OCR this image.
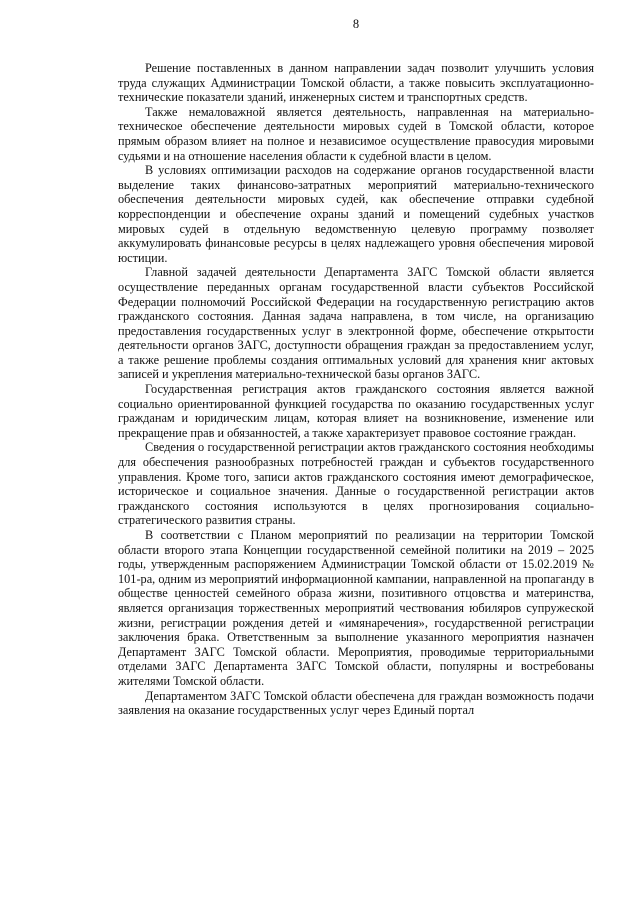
8

Решение поставленных в данном направлении задач позволит улучшить условия труда служащих Администрации Томской области, а также повысить эксплуатационно-технические показатели зданий, инженерных систем и транспортных средств.

Также немаловажной является деятельность, направленная на материально-техническое обеспечение деятельности мировых судей в Томской области, которое прямым образом влияет на полное и независимое осуществление правосудия мировыми судьями и на отношение населения области к судебной власти в целом.

В условиях оптимизации расходов на содержание органов государственной власти выделение таких финансово-затратных мероприятий материально-технического обеспечения деятельности мировых судей, как обеспечение отправки судебной корреспонденции и обеспечение охраны зданий и помещений судебных участков мировых судей в отдельную ведомственную целевую программу позволяет аккумулировать финансовые ресурсы в целях надлежащего уровня обеспечения мировой юстиции.

Главной задачей деятельности Департамента ЗАГС Томской области является осуществление переданных органам государственной власти субъектов Российской Федерации полномочий Российской Федерации на государственную регистрацию актов гражданского состояния. Данная задача направлена, в том числе, на организацию предоставления государственных услуг в электронной форме, обеспечение открытости деятельности органов ЗАГС, доступности обращения граждан за предоставлением услуг, а также решение проблемы создания оптимальных условий для хранения книг актовых записей и укрепления материально-технической базы органов ЗАГС.

Государственная регистрация актов гражданского состояния является важной социально ориентированной функцией государства по оказанию государственных услуг гражданам и юридическим лицам, которая влияет на возникновение, изменение или прекращение прав и обязанностей, а также характеризует правовое состояние граждан.

Сведения о государственной регистрации актов гражданского состояния необходимы для обеспечения разнообразных потребностей граждан и субъектов государственного управления. Кроме того, записи актов гражданского состояния имеют демографическое, историческое и социальное значения. Данные о государственной регистрации актов гражданского состояния используются в целях прогнозирования социально-стратегического развития страны.

В соответствии с Планом мероприятий по реализации на территории Томской области второго этапа Концепции государственной семейной политики на 2019 – 2025 годы, утвержденным распоряжением Администрации Томской области от 15.02.2019 № 101-ра, одним из мероприятий информационной кампании, направленной на пропаганду в обществе ценностей семейного образа жизни, позитивного отцовства и материнства, является организация торжественных мероприятий чествования юбиляров супружеской жизни, регистрации рождения детей и «имянаречения», государственной регистрации заключения брака. Ответственным за выполнение указанного мероприятия назначен Департамент ЗАГС Томской области. Мероприятия, проводимые территориальными отделами ЗАГС Департамента ЗАГС Томской области, популярны и востребованы жителями Томской области.

Департаментом ЗАГС Томской области обеспечена для граждан возможность подачи заявления на оказание государственных услуг через Единый портал
